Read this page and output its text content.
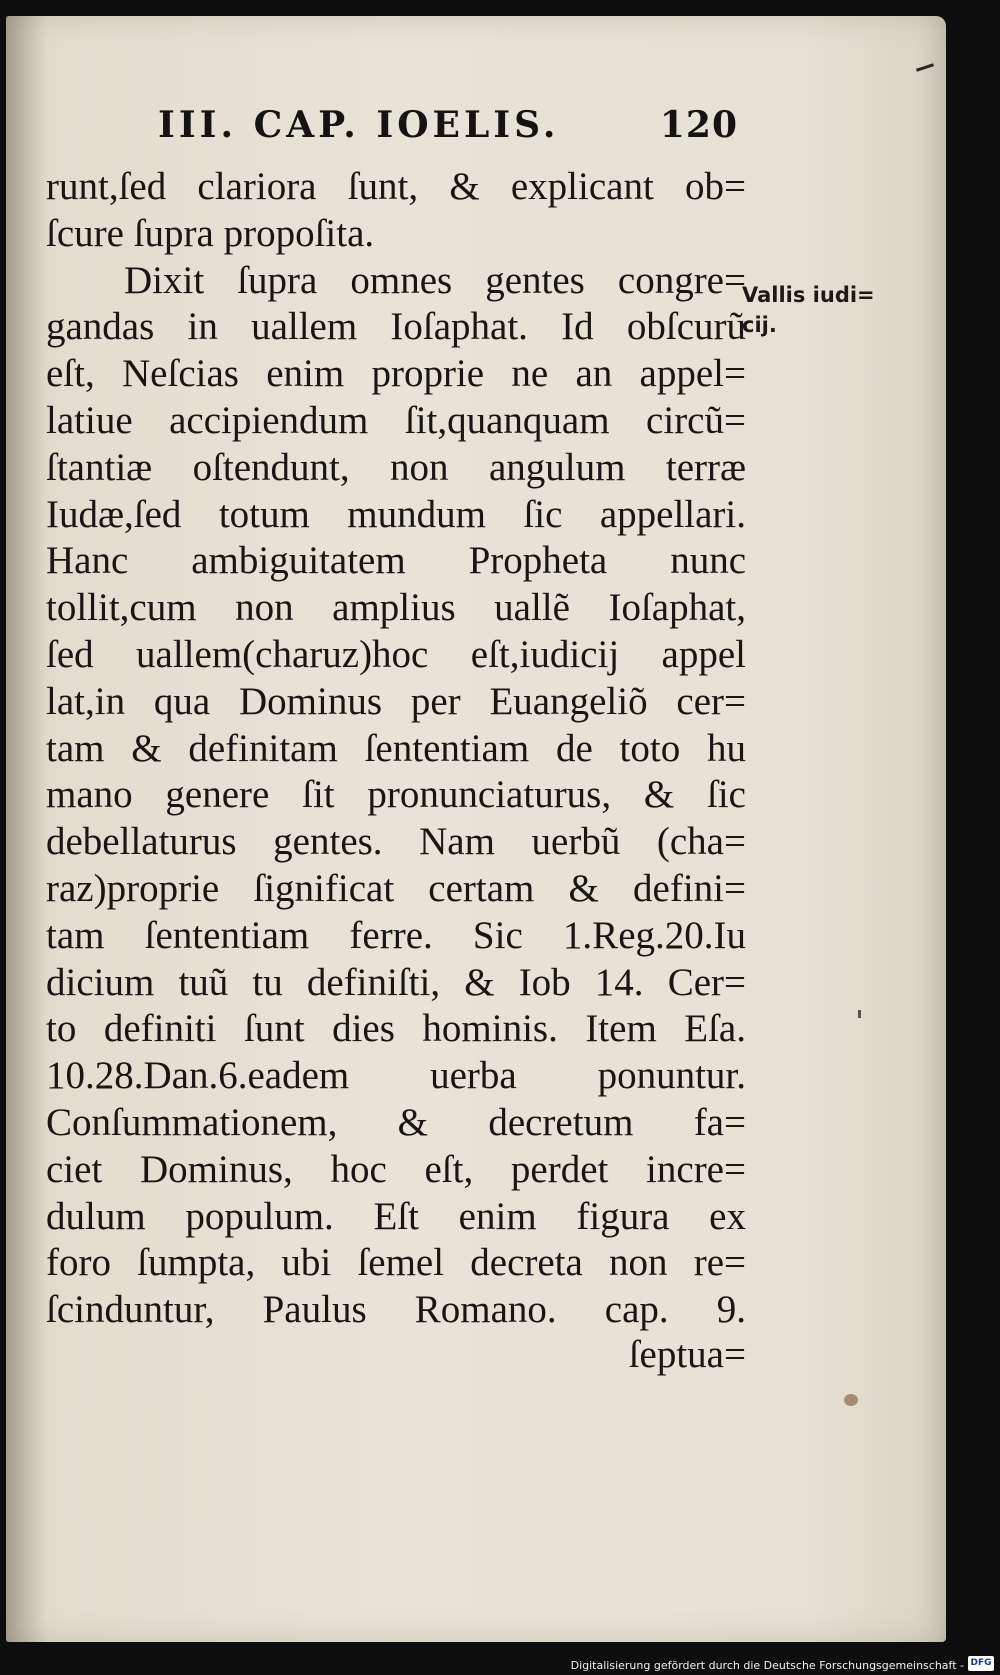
III. CAP. IOELIS.	120
runt,ſed clariora ſunt, & explicant ob=
ſcure ſupra propoſita.
Dixit ſupra omnes gentes congre=
gandas in uallem Ioſaphat. Id obſcurũ
eſt, Neſcias enim proprie ne an appel=
latiue accipiendum ſit,quanquam circũ=
ſtantiæ oſtendunt, non angulum terræ
Iudæ,ſed totum mundum ſic appellari.
Hanc ambiguitatem Propheta nunc
tollit,cum non amplius uallẽ Ioſaphat,
ſed uallem(charuz)hoc eſt,iudicij appel
lat,in qua Dominus per Euangeliõ cer=
tam & definitam ſententiam de toto hu
mano genere ſit pronunciaturus, & ſic
debellaturus gentes. Nam uerbũ (cha=
raz)proprie ſignificat certam & defini=
tam ſententiam ferre. Sic 1.Reg.20.Iu
dicium tuũ tu definiſti, & Iob 14. Cer=
to definiti ſunt dies hominis. Item Eſa.
10.28.Dan.6.eadem uerba ponuntur.
Conſummationem, & decretum fa=
ciet Dominus, hoc eſt, perdet incre=
dulum populum. Eſt enim figura ex
foro ſumpta, ubi ſemel decreta non re=
ſcinduntur, Paulus Romano. cap. 9.
ſeptua=
Vallis iudi=
cij.
Digitalisierung gefördert durch die Deutsche Forschungsgemeinschaft - DFG
